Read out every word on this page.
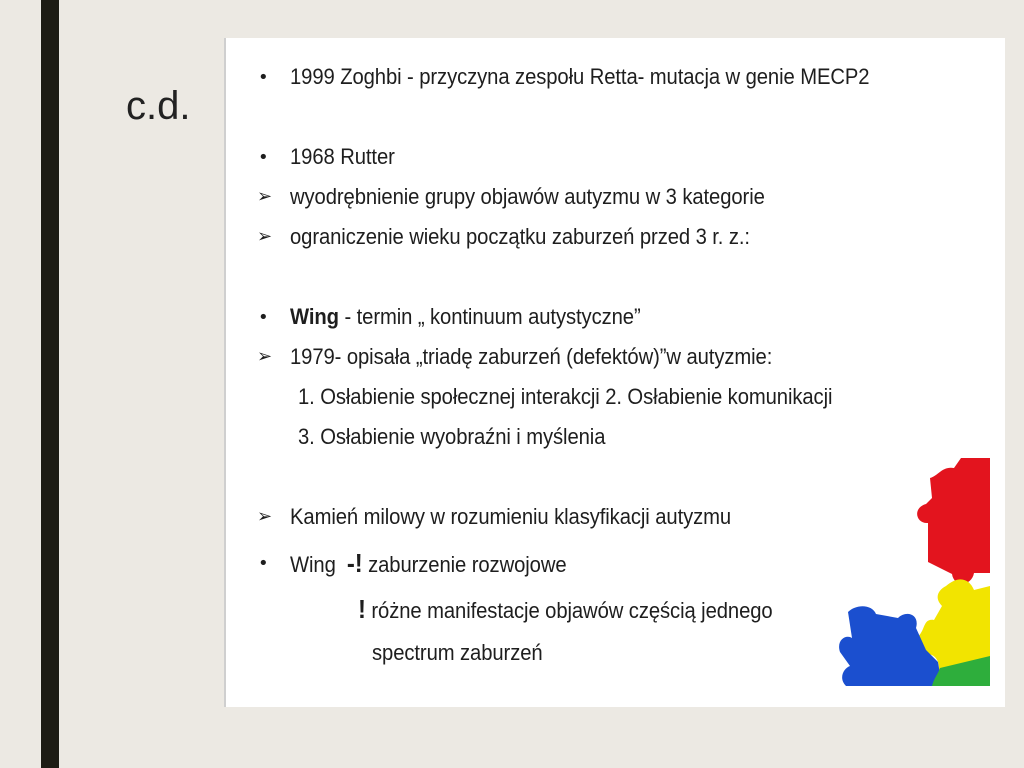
c.d.
• 1999 Zoghbi - przyczyna zespołu Retta- mutacja w genie MECP2
• 1968 Rutter
➢ wyodrębnienie grupy objawów autyzmu w 3 kategorie
➢ ograniczenie wieku początku zaburzeń przed 3 r. z.:
• Wing - termin „ kontinuum autystyczne”
➢ 1979- opisała „triadę zaburzeń (defektów)”w autyzmie:
1. Osłabienie społecznej interakcji 2. Osłabienie komunikacji
3. Osłabienie wyobraźni i myślenia
➢ Kamień milowy w rozumieniu klasyfikacji autyzmu
• Wing -! zaburzenie rozwojowe
! różne manifestacje objawów częścią jednego
spectrum zaburzeń
